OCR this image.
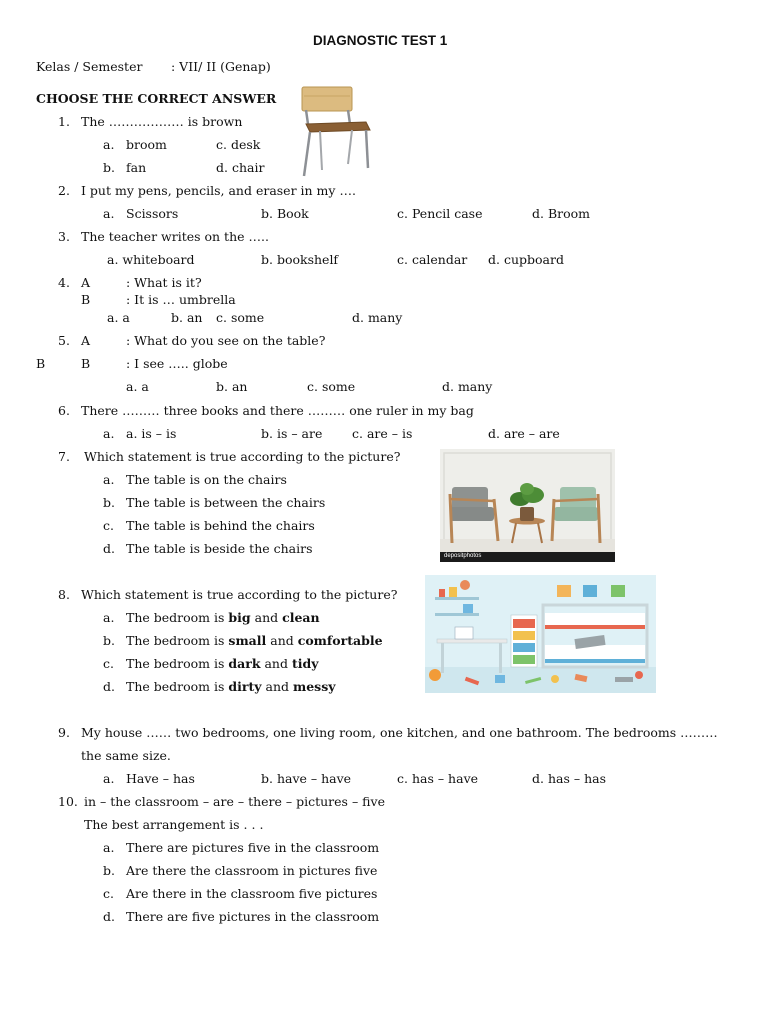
DIAGNOSTIC TEST 1
Kelas / Semester : VII/ II (Genap)
CHOOSE THE CORRECT ANSWER
1. The ……………… is brown
a. broom	c. desk
b. fan	d. chair
2. I put my pens, pencils, and eraser in my ….
a. Scissors	b. Book	c. Pencil case	d. Broom
3. The teacher writes on the …..
a. whiteboard	b. bookshelf	c. calendar d. cupboard
4. A	: What is it?
B	: It is … umbrella
a. a	b. an c. some	d. many
5. A	: What do you see on the table?
B	B	: I see ….. globe
a. a	b. an	c. some	d. many
6. There ……… three books and there ……… one ruler in my bag
a. a. is – is	b. is – are c. are – is	d. are – are
7. Which statement is true according to the picture?
a. The table is on the chairs
b. The table is between the chairs
c. The table is behind the chairs
d. The table is beside the chairs	depositphotos
8. Which statement is true according to the picture?
a. The bedroom is big and clean
b. The bedroom is small and comfortable
c. The bedroom is dark and tidy
d. The bedroom is dirty and messy
9. My house …… two bedrooms, one living room, one kitchen, and one bathroom. The bedrooms ………
the same size.
a. Have – has	b. have – have	c. has – have	d. has – has
10. in – the classroom – are – there – pictures – five
The best arrangement is . . .
a. There are pictures five in the classroom
b. Are there the classroom in pictures five
c. Are there in the classroom five pictures
d. There are five pictures in the classroom
